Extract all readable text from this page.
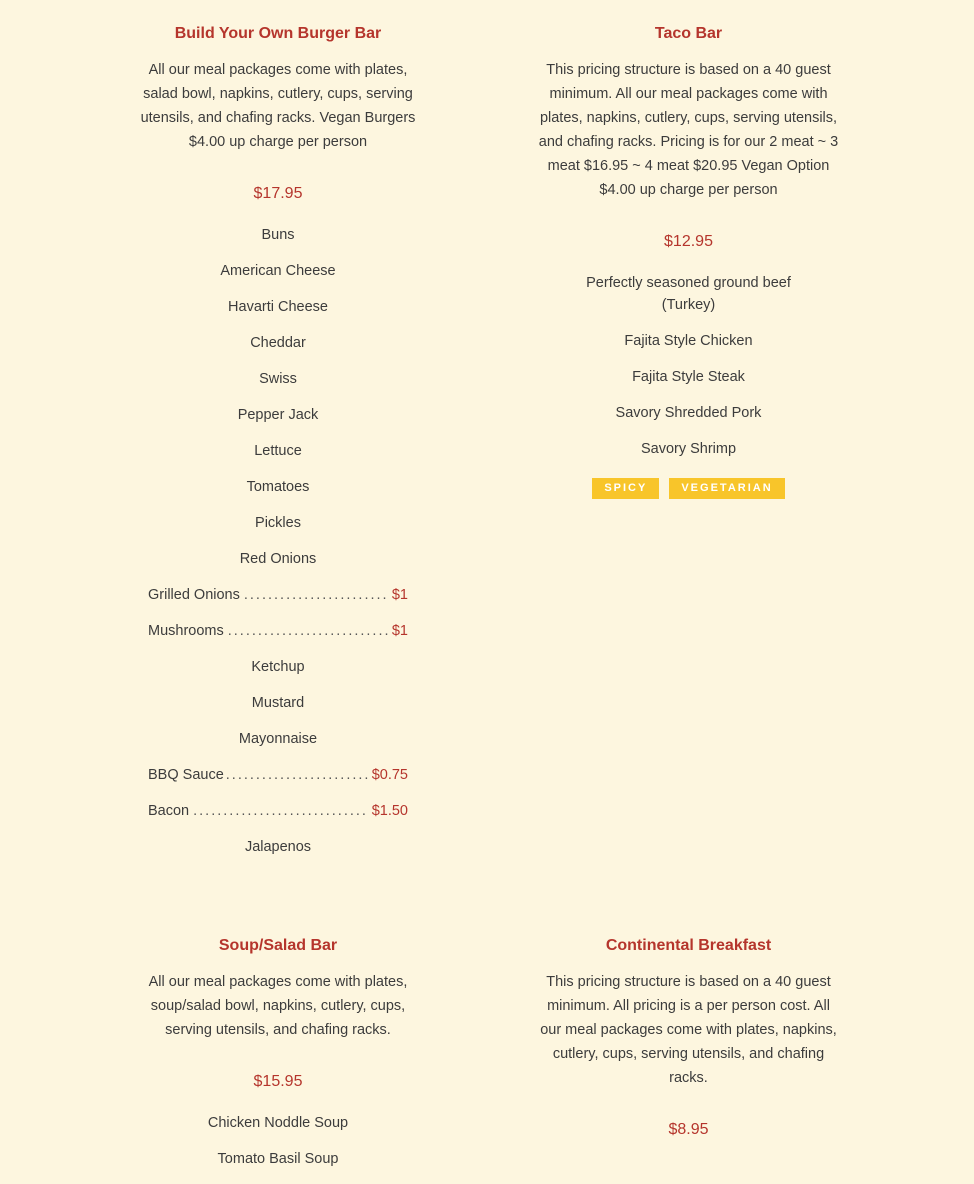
Build Your Own Burger Bar

All our meal packages come with plates, salad bowl, napkins, cutlery, cups, serving utensils, and chafing racks. Vegan Burgers $4.00 up charge per person

$17.95

Buns
American Cheese
Havarti Cheese
Cheddar
Swiss
Pepper Jack
Lettuce
Tomatoes
Pickles
Red Onions
Grilled Onions .....	$1
Mushrooms .....	$1
Ketchup
Mustard
Mayonnaise
BBQ Sauce .....	$0.75
Bacon .....	$1.50
Jalapenos
Taco Bar

This pricing structure is based on a 40 guest minimum. All our meal packages come with plates, napkins, cutlery, cups, serving utensils, and chafing racks. Pricing is for our 2 meat ~ 3 meat $16.95 ~ 4 meat $20.95 Vegan Option $4.00 up charge per person

$12.95

Perfectly seasoned ground beef (Turkey)
Fajita Style Chicken
Fajita Style Steak
Savory Shredded Pork
Savory Shrimp
SPICY	VEGETARIAN
Soup/Salad Bar

All our meal packages come with plates, soup/salad bowl, napkins, cutlery, cups, serving utensils, and chafing racks.

$15.95

Chicken Noddle Soup
Tomato Basil Soup
Continental Breakfast

This pricing structure is based on a 40 guest minimum. All pricing is a per person cost. All our meal packages come with plates, napkins, cutlery, cups, serving utensils, and chafing racks.

$8.95
